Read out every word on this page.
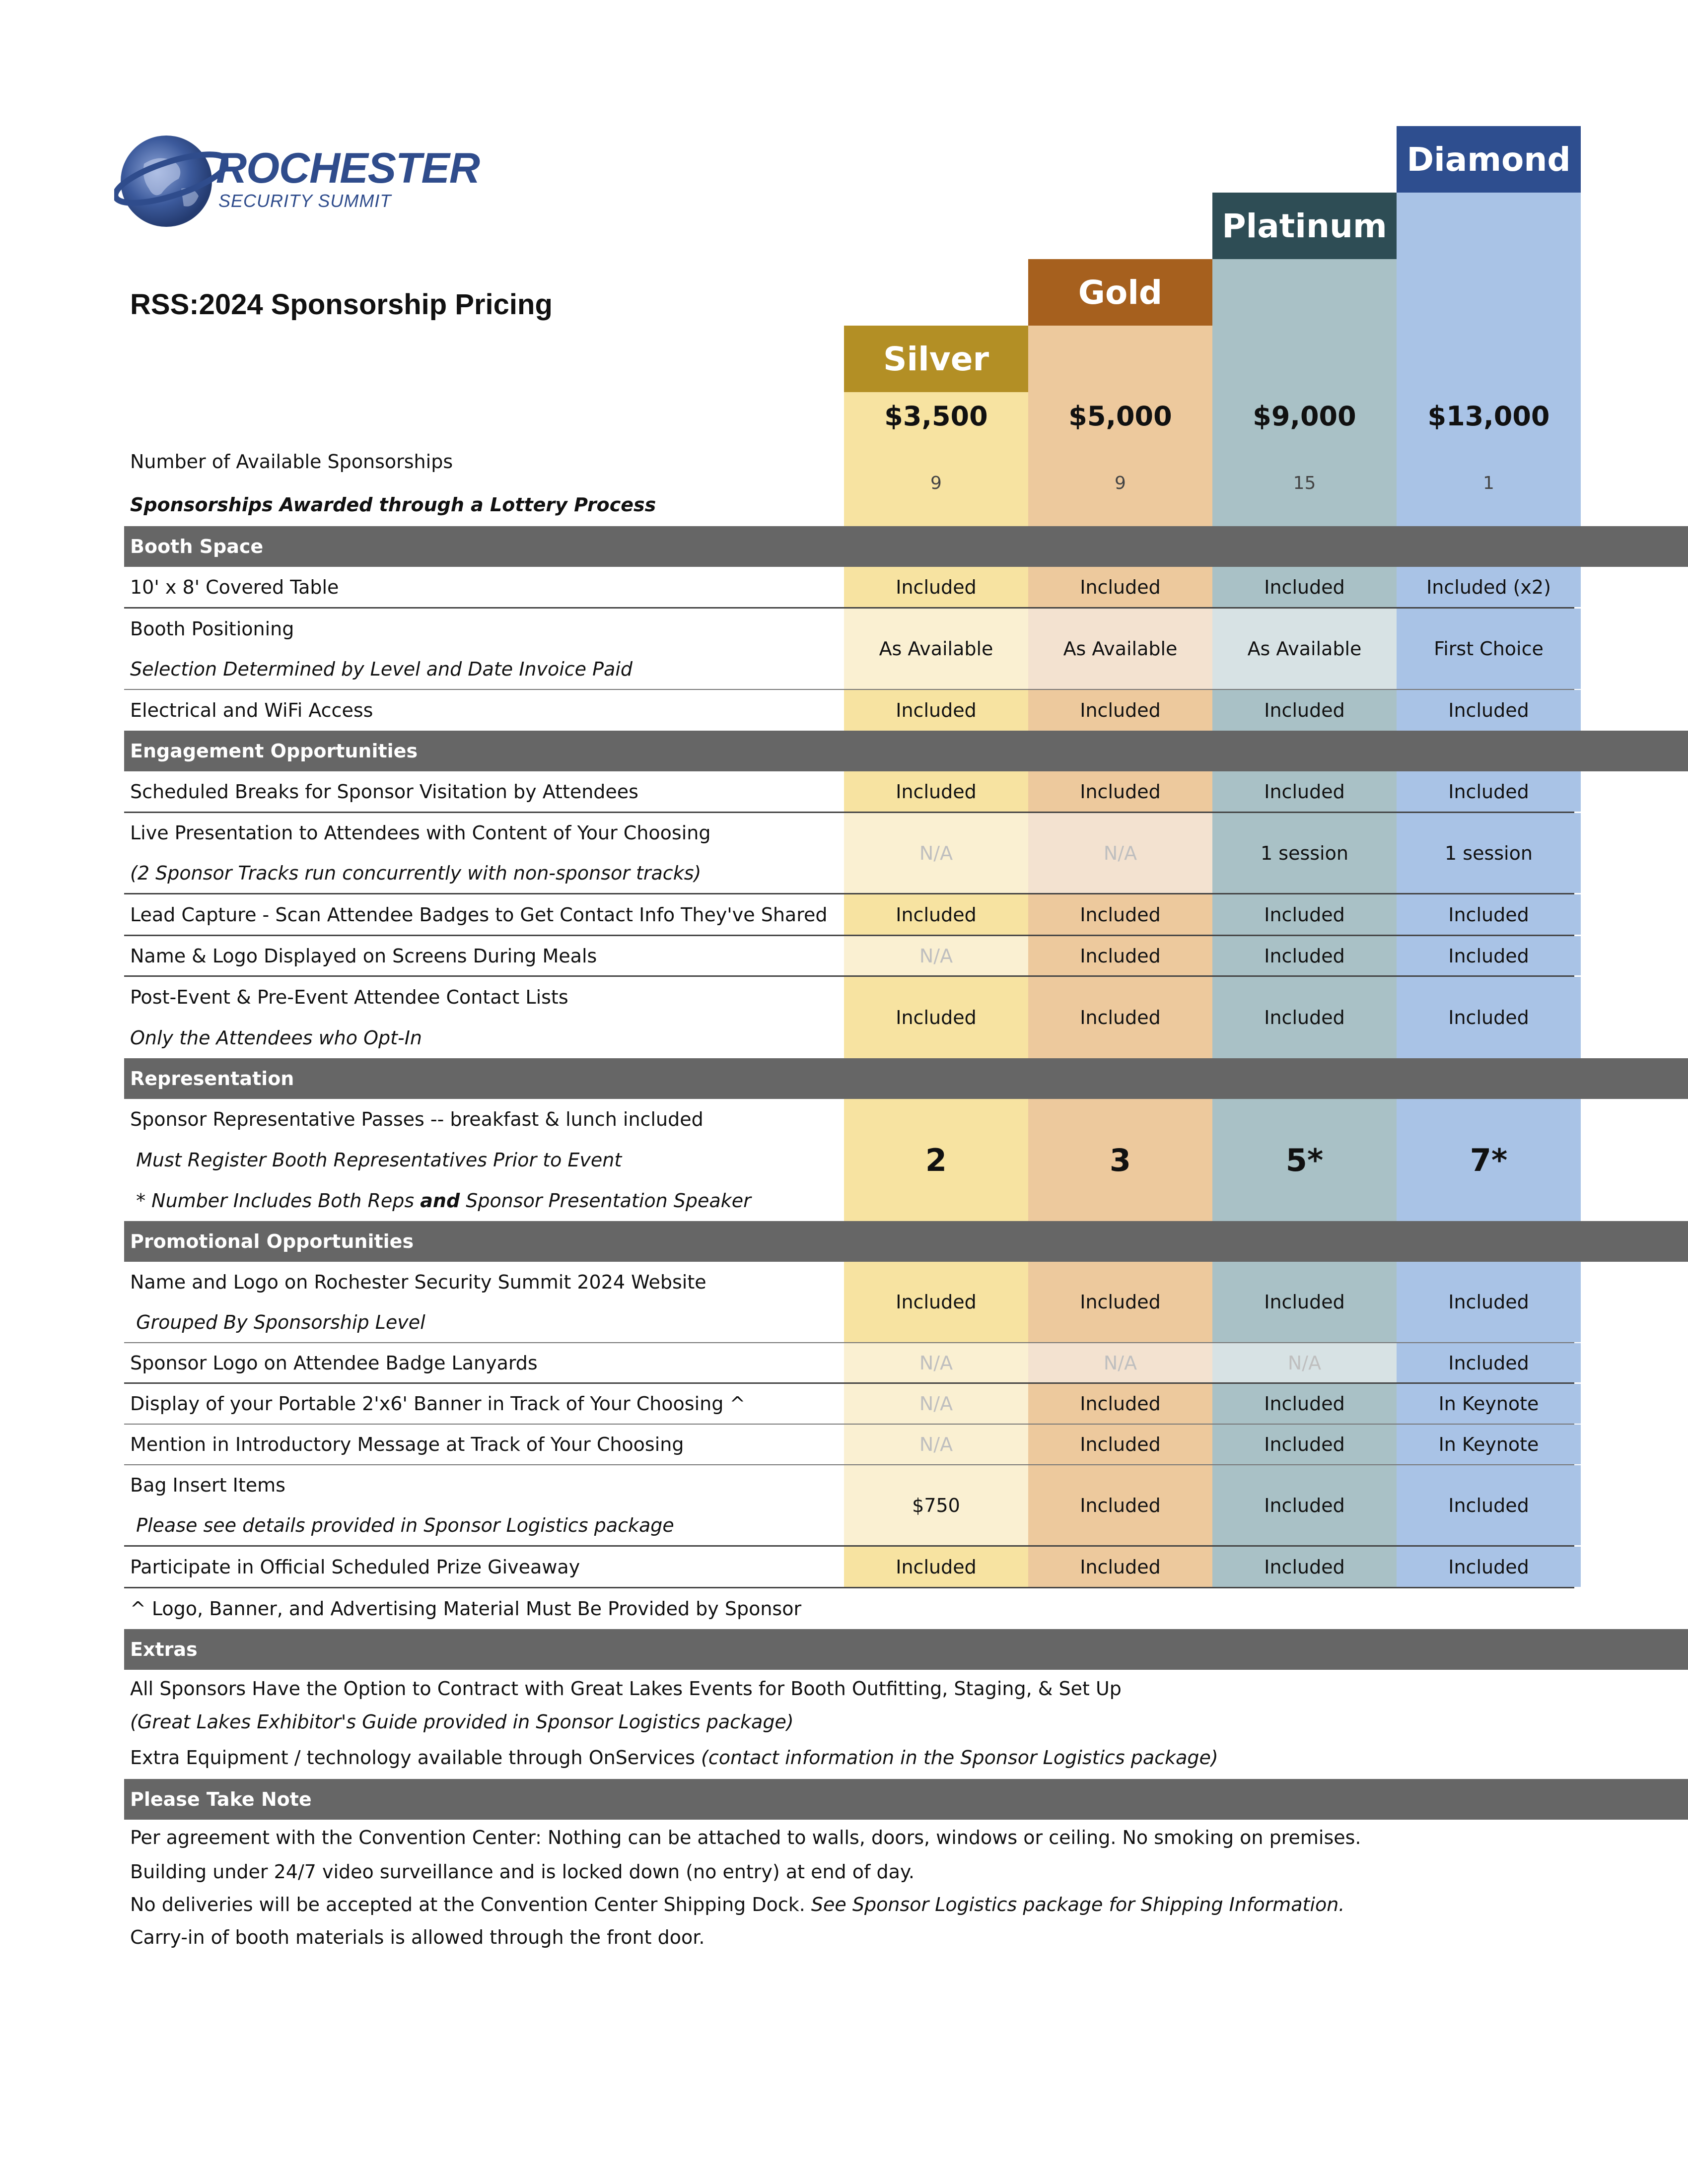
ROCHESTER
SECURITY SUMMIT
RSS:2024 Sponsorship Pricing
Silver
Gold
Platinum
Diamond
$3,500	$5,000	$9,000	$13,000
Number of Available Sponsorships
Sponsorships Awarded through a Lottery Process
9	9	15	1
Booth Space
10' x 8' Covered Table	Included	Included	Included	Included (x2)
Booth Positioning
Selection Determined by Level and Date Invoice Paid
As Available	As Available	As Available	First Choice
Electrical and WiFi Access	Included	Included	Included	Included
Engagement Opportunities
Scheduled Breaks for Sponsor Visitation by Attendees	Included	Included	Included	Included
Live Presentation to Attendees with Content of Your Choosing
(2 Sponsor Tracks run concurrently with non-sponsor tracks)
N/A	N/A	1 session	1 session
Lead Capture - Scan Attendee Badges to Get Contact Info They've Shared	Included	Included	Included	Included
Name & Logo Displayed on Screens During Meals	N/A	Included	Included	Included
Post-Event & Pre-Event Attendee Contact Lists
Only the Attendees who Opt-In
Included	Included	Included	Included
Representation
Sponsor Representative Passes -- breakfast & lunch included
Must Register Booth Representatives Prior to Event
* Number Includes Both Reps and Sponsor Presentation Speaker
2	3	5*	7*
Promotional Opportunities
Name and Logo on Rochester Security Summit 2024 Website
Grouped By Sponsorship Level
Included	Included	Included	Included
Sponsor Logo on Attendee Badge Lanyards	N/A	N/A	N/A	Included
Display of your Portable 2'x6' Banner in Track of Your Choosing ^	N/A	Included	Included	In Keynote
Mention in Introductory Message at Track of Your Choosing	N/A	Included	Included	In Keynote
Bag Insert Items
Please see details provided in Sponsor Logistics package
$750	Included	Included	Included
Participate in Official Scheduled Prize Giveaway	Included	Included	Included	Included
^ Logo, Banner, and Advertising Material Must Be Provided by Sponsor
Extras
All Sponsors Have the Option to Contract with Great Lakes Events for Booth Outfitting, Staging, & Set Up
(Great Lakes Exhibitor's Guide provided in Sponsor Logistics package)
Extra Equipment / technology available through OnServices (contact information in the Sponsor Logistics package)
Please Take Note
Per agreement with the Convention Center: Nothing can be attached to walls, doors, windows or ceiling. No smoking on premises.
Building under 24/7 video surveillance and is locked down (no entry) at end of day.
No deliveries will be accepted at the Convention Center Shipping Dock. See Sponsor Logistics package for Shipping Information.
Carry-in of booth materials is allowed through the front door.
